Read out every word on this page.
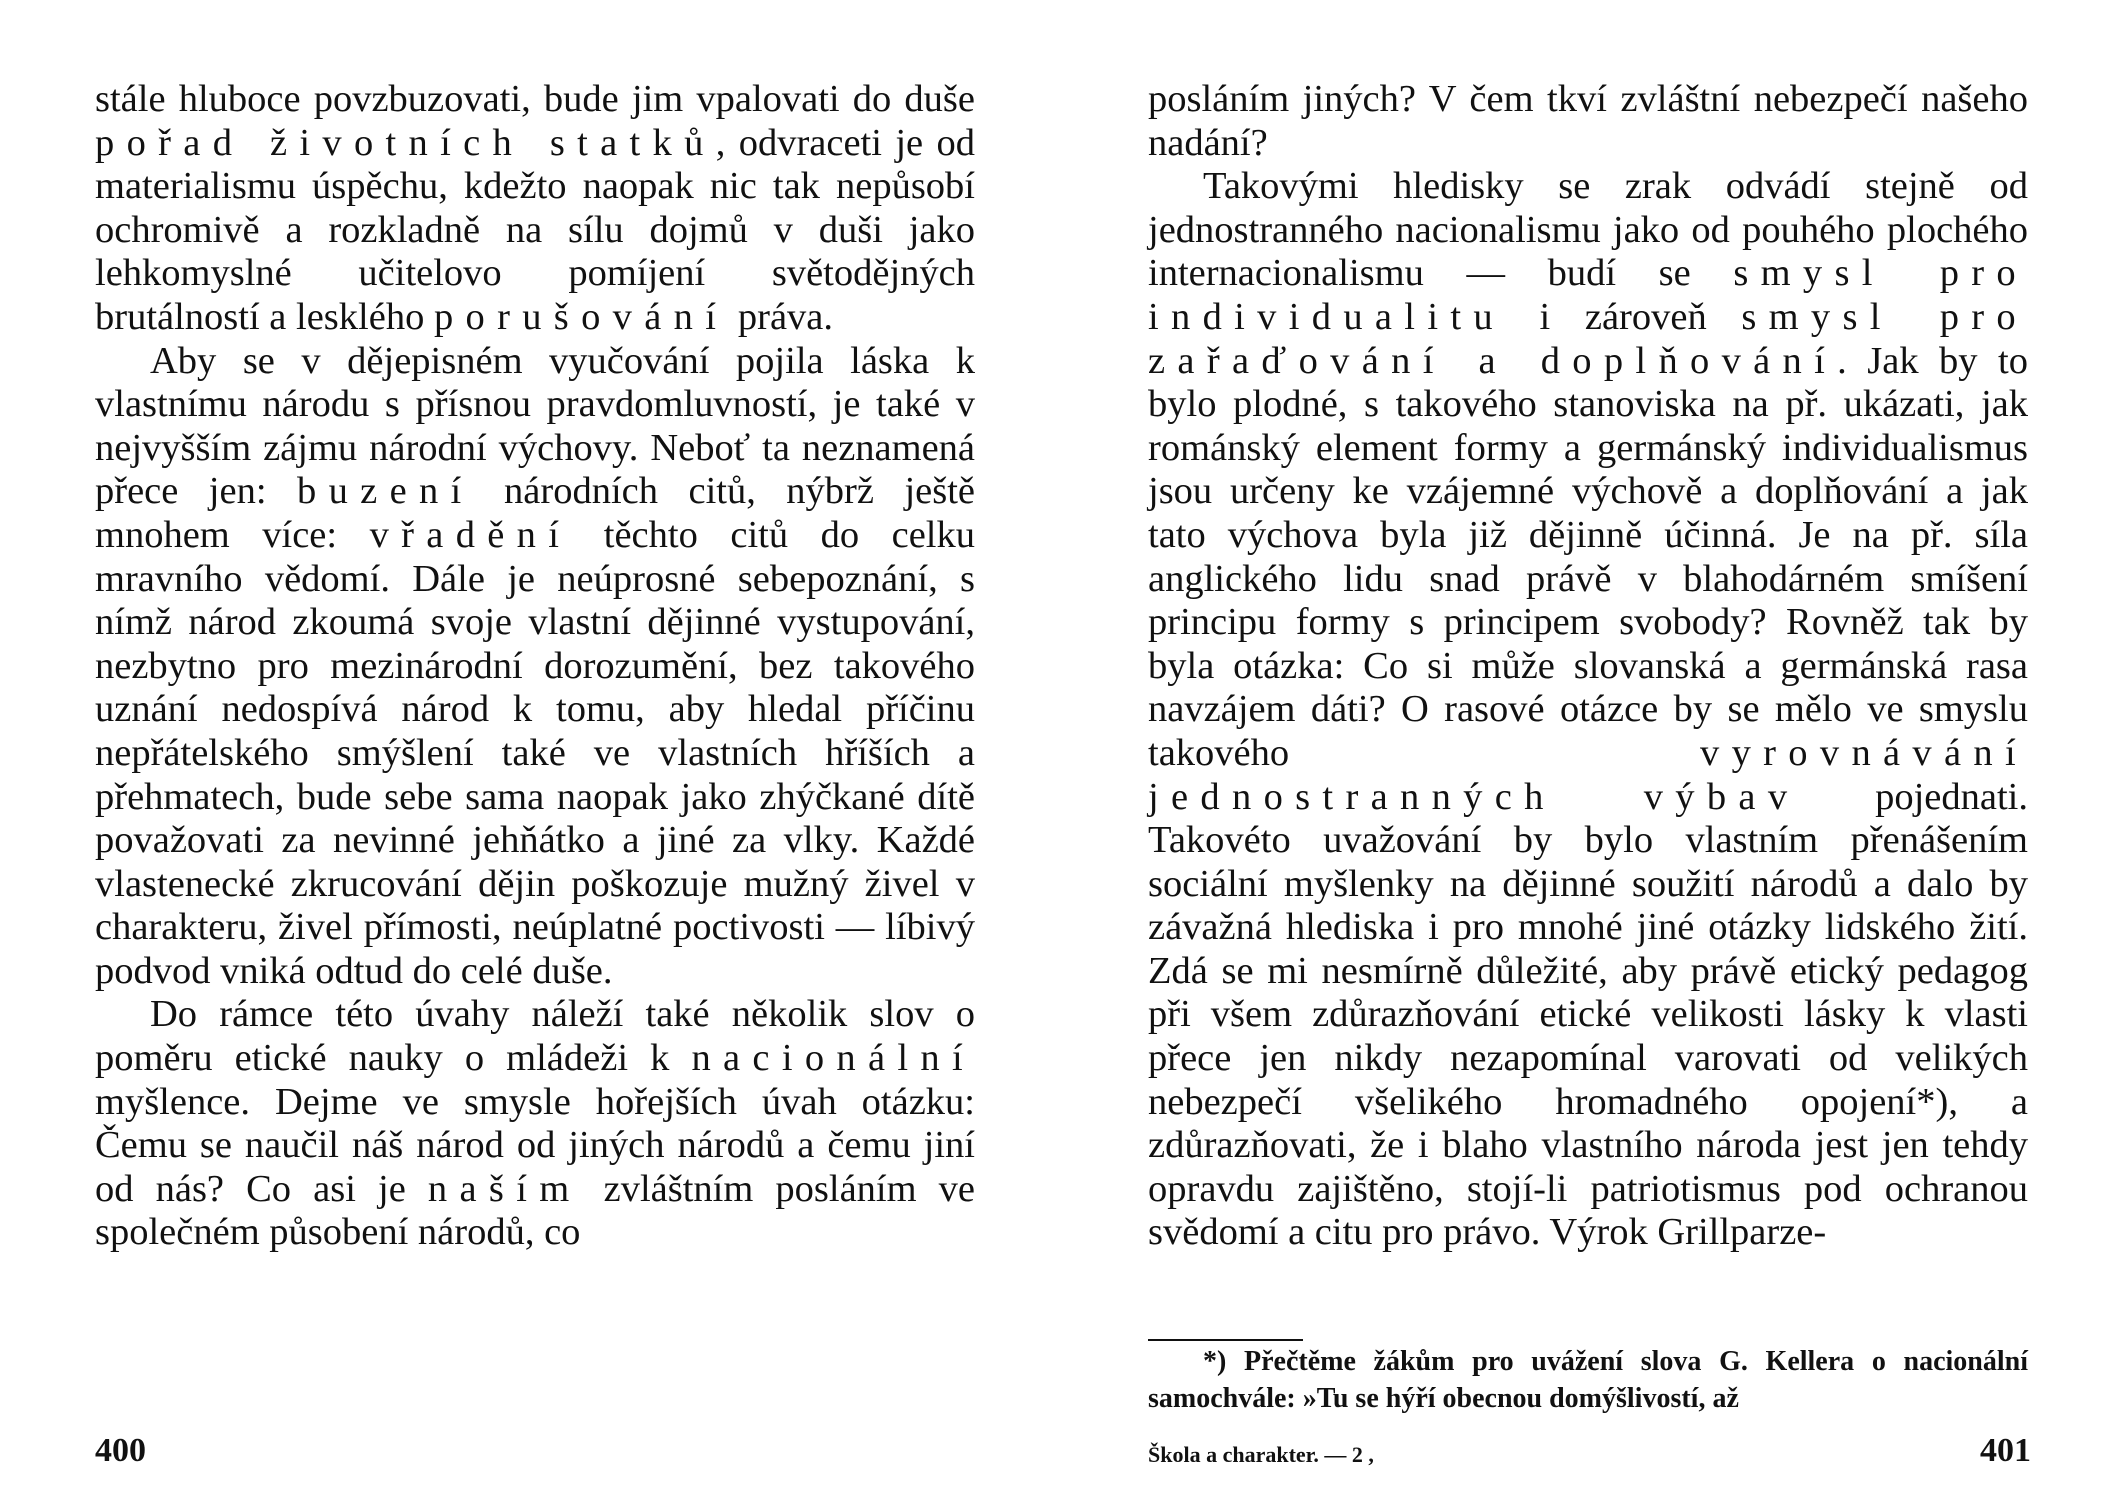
stále hluboce povzbuzovati, bude jim vpalovati do duše pořad životních statků, odvraceti je od materialismu úspěchu, kdežto naopak nic tak nepůsobí ochromivě a rozkladně na sílu dojmů v duši jako lehkomyslné učitelovo pomíjení světodějných brutálností a lesklého porušování práva.

Aby se v dějepisném vyučování pojila láska k vlastnímu národu s přísnou pravdomluvností, je také v nejvyšším zájmu národní výchovy. Neboť ta neznamená přece jen: buzení národních citů, nýbrž ještě mnohem více: vřadění těchto citů do celku mravního vědomí. Dále je neúprosné sebepoznání, s nímž národ zkoumá svoje vlastní dějinné vystupování, nezbytno pro mezinárodní dorozumění, bez takového uznání nedospívá národ k tomu, aby hledal příčinu nepřátelského smýšlení také ve vlastních hříších a přehmatech, bude sebe sama naopak jako zhýčkané dítě považovati za nevinné jehňátko a jiné za vlky. Každé vlastenecké zkrucování dějin poškozuje mužný živel v charakteru, živel přímosti, neúplatné poctivosti — líbivý podvod vniká odtud do celé duše.

Do rámce této úvahy náleží také několik slov o poměru etické nauky o mládeži k nacionální myšlence. Dejme ve smysle hořejších úvah otázku: Čemu se naučil náš národ od jiných národů a čemu jiní od nás? Co asi je naším zvláštním posláním ve společném působení národů, co

400

posláním jiných? V čem tkví zvláštní nebezpečí našeho nadání?

Takovými hledisky se zrak odvádí stejně od jednostranného nacionalismu jako od pouhého plochého internacionalismu — budí se smysl pro individualitu i zároveň smysl pro zařaďování a doplňování. Jak by to bylo plodné, s takového stanoviska na př. ukázati, jak románský element formy a germánský individualismus jsou určeny ke vzájemné výchově a doplňování a jak tato výchova byla již dějinně účinná. Je na př. síla anglického lidu snad právě v blahodárném smíšení principu formy s principem svobody? Rovněž tak by byla otázka: Co si může slovanská a germánská rasa navzájem dáti? O rasové otázce by se mělo ve smyslu takového vyrovnávání jednostranných výbav pojednati. Takovéto uvažování by bylo vlastním přenášením sociální myšlenky na dějinné soužití národů a dalo by závažná hlediska i pro mnohé jiné otázky lidského žití. Zdá se mi nesmírně důležité, aby právě etický pedagog při všem zdůrazňování etické velikosti lásky k vlasti přece jen nikdy nezapomínal varovati od velikých nebezpečí všelikého hromadného opojení*), a zdůrazňovati, že i blaho vlastního národa jest jen tehdy opravdu zajištěno, stojí-li patriotismus pod ochranou svědomí a citu pro právo. Výrok Grillparze-

*) Přečtěme žákům pro uvážení slova G. Kellera o nacionální samochvále: »Tu se hýří obecnou domýšlivostí, až
Škola a charakter. — 2 ,	401
